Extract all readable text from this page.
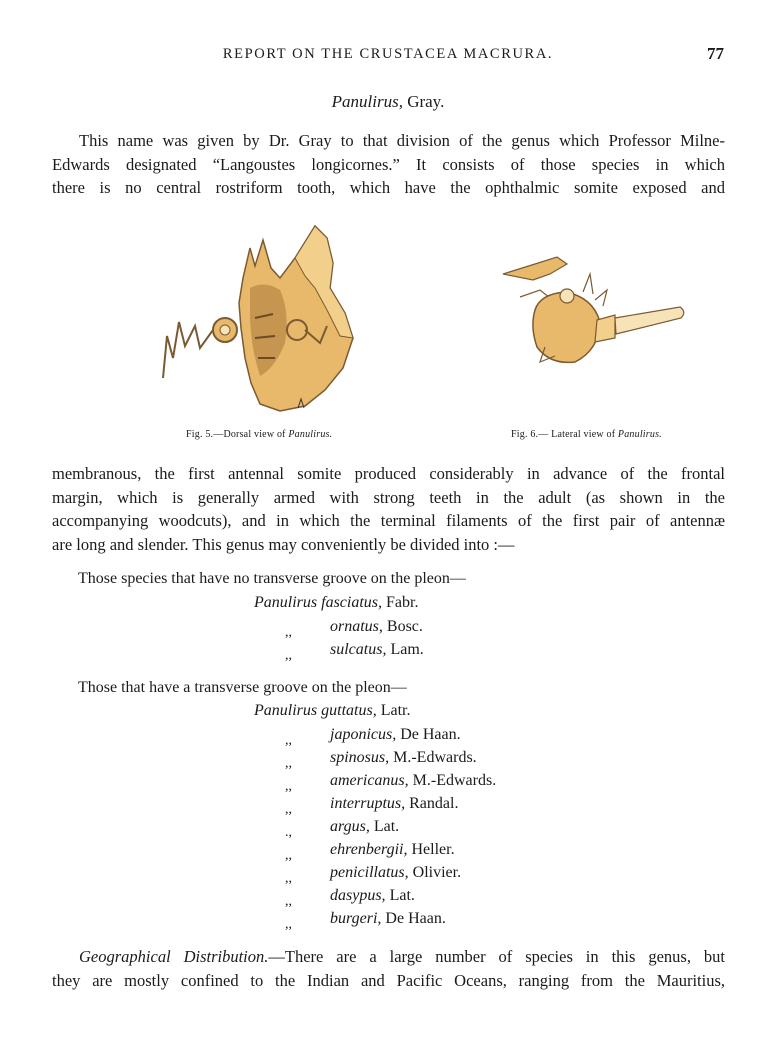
REPORT ON THE CRUSTACEA MACRURA.	77
Panulirus, Gray.
This name was given by Dr. Gray to that division of the genus which Professor Milne-
Edwards designated “Langoustes longicornes.” It consists of those species in which
there is no central rostriform tooth, which have the ophthalmic somite exposed and
Fig. 5.—Dorsal view of Panulirus.	Fig. 6.— Lateral view of Panulirus.
membranous, the first antennal somite produced considerably in advance of the frontal
margin, which is generally armed with strong teeth in the adult (as shown in the
accompanying woodcuts), and in which the terminal filaments of the first pair of antennæ
are long and slender. This genus may conveniently be divided into :—
Those species that have no transverse groove on the pleon—
Panulirus fasciatus, Fabr.
,, ornatus, Bosc.
,, sulcatus, Lam.
Those that have a transverse groove on the pleon—
Panulirus guttatus, Latr.
,, japonicus, De Haan.
,, spinosus, M.-Edwards.
,, americanus, M.-Edwards.
,, interruptus, Randal.
., argus, Lat.
,, ehrenbergii, Heller.
,, penicillatus, Olivier.
,, dasypus, Lat.
,, burgeri, De Haan.
Geographical Distribution.—There are a large number of species in this genus, but
they are mostly confined to the Indian and Pacific Oceans, ranging from the Mauritius,
